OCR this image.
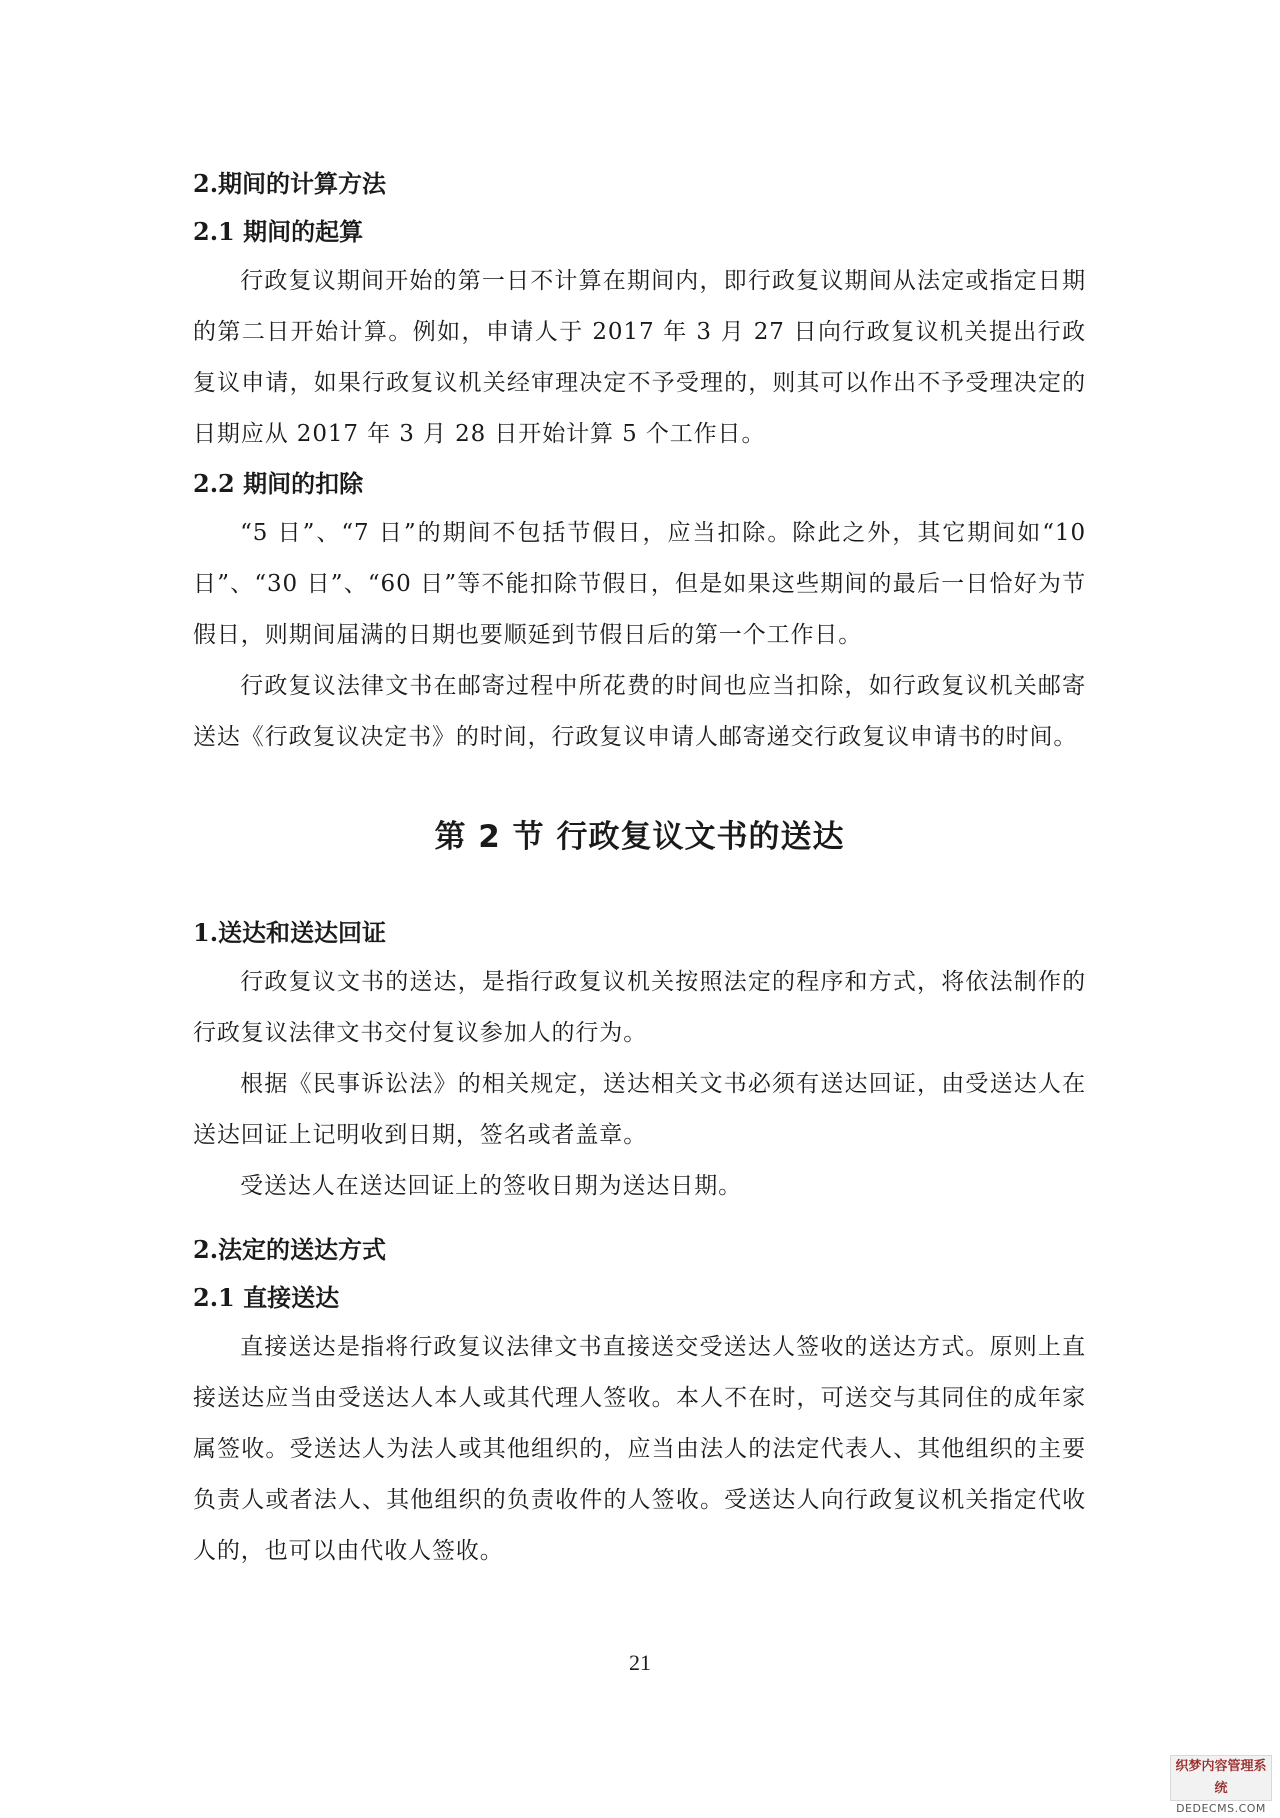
2.期间的计算方法
2.1 期间的起算

行政复议期间开始的第一日不计算在期间内，即行政复议期间从法定或指定日期的第二日开始计算。例如，申请人于 2017 年 3 月 27 日向行政复议机关提出行政复议申请，如果行政复议机关经审理决定不予受理的，则其可以作出不予受理决定的日期应从 2017 年 3 月 28 日开始计算 5 个工作日。

2.2 期间的扣除

“5 日”、“7 日”的期间不包括节假日，应当扣除。除此之外，其它期间如“10 日”、“30 日”、“60 日”等不能扣除节假日，但是如果这些期间的最后一日恰好为节假日，则期间届满的日期也要顺延到节假日后的第一个工作日。

行政复议法律文书在邮寄过程中所花费的时间也应当扣除，如行政复议机关邮寄送达《行政复议决定书》的时间，行政复议申请人邮寄递交行政复议申请书的时间。

第 2 节 行政复议文书的送达
1.送达和送达回证

行政复议文书的送达，是指行政复议机关按照法定的程序和方式，将依法制作的行政复议法律文书交付复议参加人的行为。

根据《民事诉讼法》的相关规定，送达相关文书必须有送达回证，由受送达人在送达回证上记明收到日期，签名或者盖章。

受送达人在送达回证上的签收日期为送达日期。

2.法定的送达方式
2.1 直接送达

直接送达是指将行政复议法律文书直接送交受送达人签收的送达方式。原则上直接送达应当由受送达人本人或其代理人签收。本人不在时，可送交与其同住的成年家属签收。受送达人为法人或其他组织的，应当由法人的法定代表人、其他组织的主要负责人或者法人、其他组织的负责收件的人签收。受送达人向行政复议机关指定代收人的，也可以由代收人签收。

21
织梦内容管理系统
DEDECMS.COM
